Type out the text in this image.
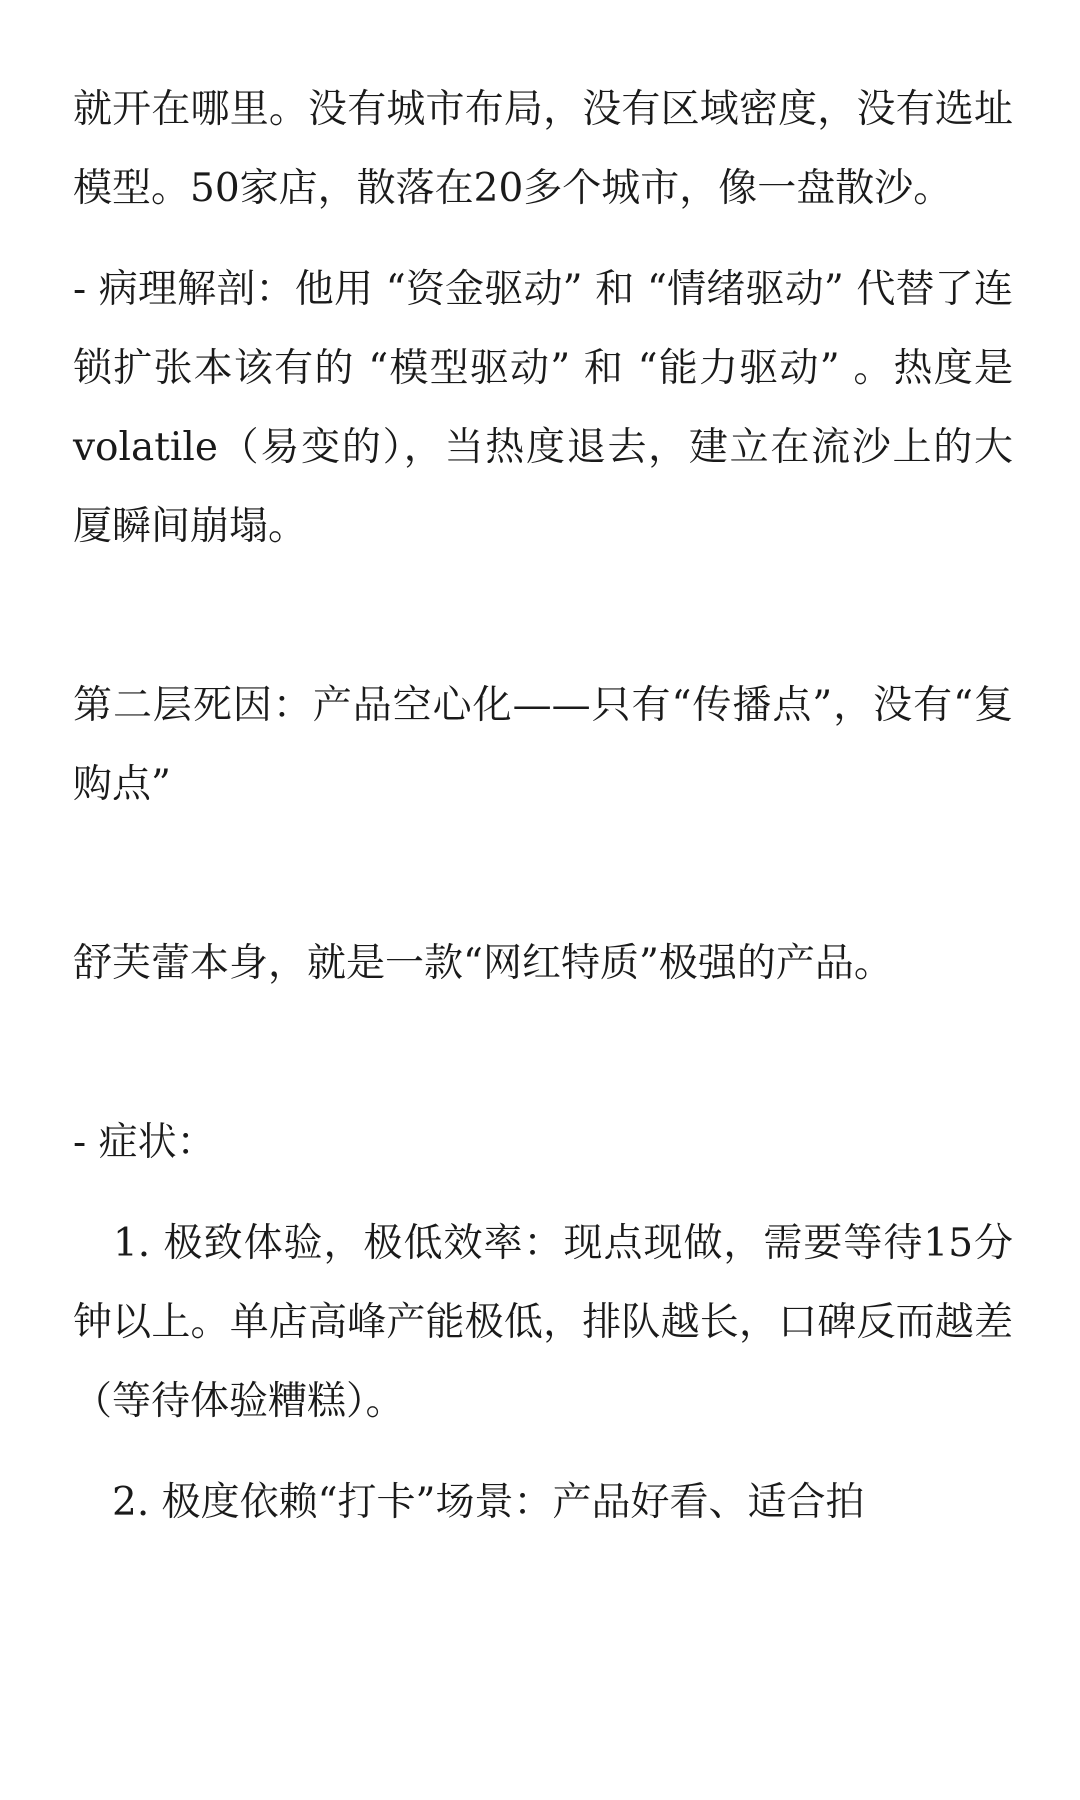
就开在哪里。没有城市布局，没有区域密度，没有选址模型。50家店，散落在20多个城市，像一盘散沙。

- 病理解剖：他用 “资金驱动” 和 “情绪驱动” 代替了连锁扩张本该有的 “模型驱动” 和 “能力驱动” 。热度是 volatile（易变的），当热度退去，建立在流沙上的大厦瞬间崩塌。

第二层死因：产品空心化——只有“传播点”，没有“复购点”

舒芙蕾本身，就是一款“网红特质”极强的产品。

- 症状：

　1. 极致体验，极低效率：现点现做，需要等待15分钟以上。单店高峰产能极低，排队越长，口碑反而越差（等待体验糟糕）。

　2. 极度依赖“打卡”场景：产品好看、适合拍
